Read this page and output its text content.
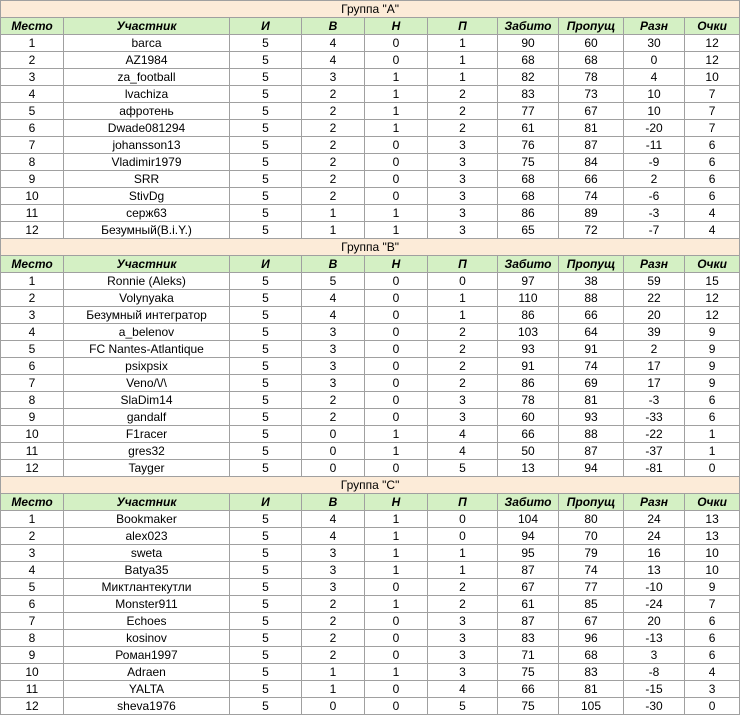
Группа "A"									
Место	Участник	И	В	Н	П	Забито	Пропущ	Разн	Очки
1	barca	5	4	0	1	90	60	30	12
2	AZ1984	5	4	0	1	68	68	0	12
3	za_football	5	3	1	1	82	78	4	10
4	lvachiza	5	2	1	2	83	73	10	7
5	афротень	5	2	1	2	77	67	10	7
6	Dwade081294	5	2	1	2	61	81	-20	7
7	johansson13	5	2	0	3	76	87	-11	6
8	Vladimir1979	5	2	0	3	75	84	-9	6
9	SRR	5	2	0	3	68	66	2	6
10	StivDg	5	2	0	3	68	74	-6	6
11	серж63	5	1	1	3	86	89	-3	4
12	Безумный(B.i.Y.)	5	1	1	3	65	72	-7	4
Группа "B"									
Место	Участник	И	В	Н	П	Забито	Пропущ	Разн	Очки
1	Ronnie (Aleks)	5	5	0	0	97	38	59	15
2	Volynyaka	5	4	0	1	110	88	22	12
3	Безумный интегратор	5	4	0	1	86	66	20	12
4	a_belenov	5	3	0	2	103	64	39	9
5	FC Nantes-Atlantique	5	3	0	2	93	91	2	9
6	psixpsix	5	3	0	2	91	74	17	9
7	Veno/\/\	5	3	0	2	86	69	17	9
8	SlaDim14	5	2	0	3	78	81	-3	6
9	gandalf	5	2	0	3	60	93	-33	6
10	F1racer	5	0	1	4	66	88	-22	1
11	gres32	5	0	1	4	50	87	-37	1
12	Tayger	5	0	0	5	13	94	-81	0
Группа "C"									
Место	Участник	И	В	Н	П	Забито	Пропущ	Разн	Очки
1	Bookmaker	5	4	1	0	104	80	24	13
2	alex023	5	4	1	0	94	70	24	13
3	sweta	5	3	1	1	95	79	16	10
4	Batya35	5	3	1	1	87	74	13	10
5	Миктлантекутли	5	3	0	2	67	77	-10	9
6	Monster911	5	2	1	2	61	85	-24	7
7	Echoes	5	2	0	3	87	67	20	6
8	kosinov	5	2	0	3	83	96	-13	6
9	Роман1997	5	2	0	3	71	68	3	6
10	Adraen	5	1	1	3	75	83	-8	4
11	YALTA	5	1	0	4	66	81	-15	3
12	sheva1976	5	0	0	5	75	105	-30	0
